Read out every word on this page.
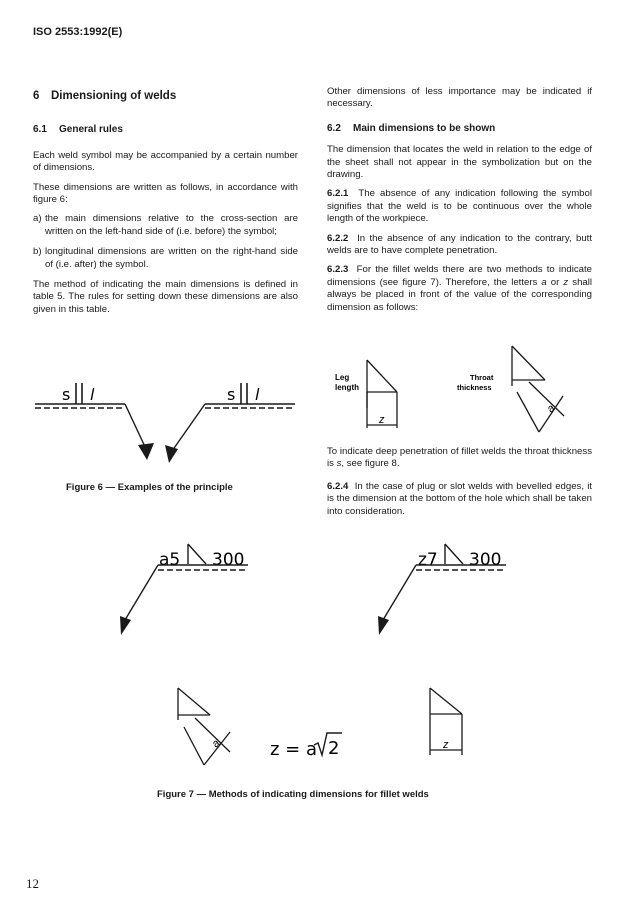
ISO 2553:1992(E)
6 Dimensioning of welds
6.1 General rules

Each weld symbol may be accompanied by a certain number of dimensions.

These dimensions are written as follows, in accordance with figure 6:

a) the main dimensions relative to the cross-section are written on the left-hand side of (i.e. before) the symbol;
b) longitudinal dimensions are written on the right-hand side of (i.e. after) the symbol.

The method of indicating the main dimensions is defined in table 5. The rules for setting down these dimensions are also given in this table.

Other dimensions of less importance may be indicated if necessary.

6.2 Main dimensions to be shown

The dimension that locates the weld in relation to the edge of the sheet shall not appear in the symbolization but on the drawing.

6.2.1 The absence of any indication following the symbol signifies that the weld is to be continuous over the whole length of the workpiece.

6.2.2 In the absence of any indication to the contrary, butt welds are to have complete penetration.

6.2.3 For the fillet welds there are two methods to indicate dimensions (see figure 7). Therefore, the letters a or z shall always be placed in front of the value of the corresponding dimension as follows:

To indicate deep penetration of fillet welds the throat thickness is s, see figure 8.

6.2.4 In the case of plug or slot welds with bevelled edges, it is the dimension at the bottom of the hole which shall be taken into consideration.

Leg
length
z
Throat
thickness
a
s l	s l
Figure 6 — Examples of the principle
a5 300	z7 300
a	z = a 2	z
Figure 7 — Methods of indicating dimensions for fillet welds
12
